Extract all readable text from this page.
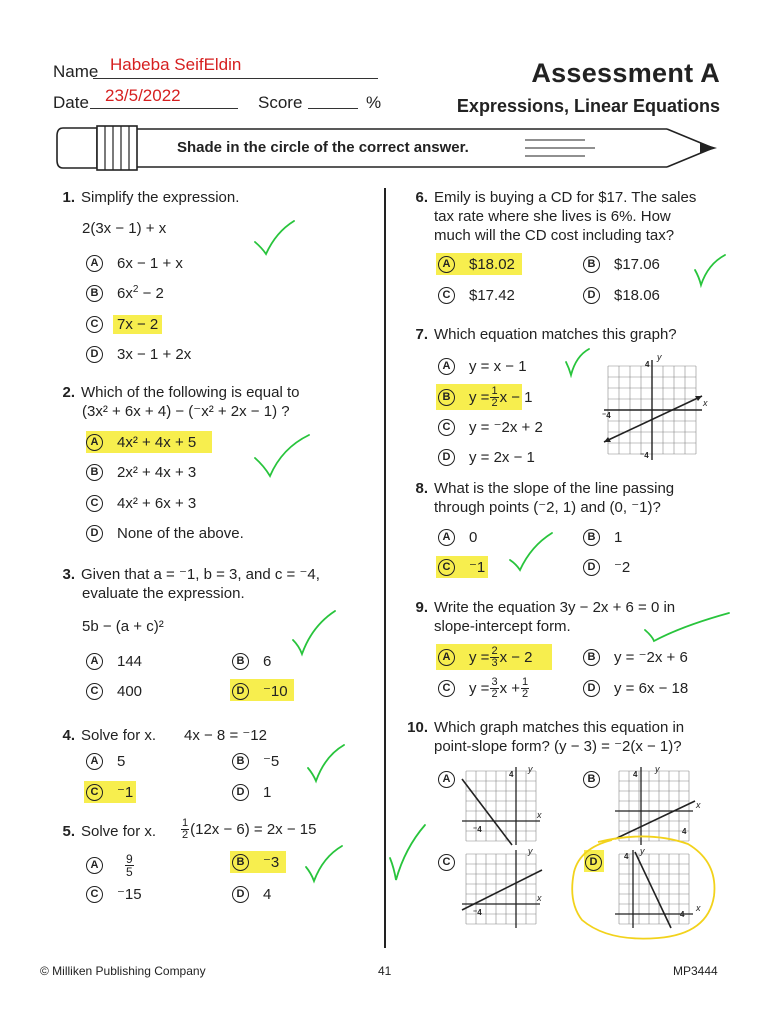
Name Habeba SeifEldin
Date 23/5/2022	Score	%
Assessment A
Expressions, Linear Equations
Shade in the circle of the correct answer.
1. Simplify the expression.
2(3x − 1) + x
A	6x − 1 + x
B	$6x^2 - 2$
C	7x − 2
D	3x − 1 + 2x
2. Which of the following is equal to
(3x² + 6x + 4) − (⁻x² + 2x − 1) ?
A	4x² + 4x + 5
B	2x² + 4x + 3
C	4x² + 6x + 3
D	None of the above.
3. Given that a = ⁻1, b = 3, and c = ⁻4,
evaluate the expression.
5b − (a + c)²
A	144	B	6
C	400	D	⁻10
4. Solve for x. 4x − 8 = ⁻12
A	5	B	⁻5
C	⁻1	D	1
5. Solve for x. $\frac{1}{2} (12x - 6) = 2x - 15$
A	$\frac{9}{5}$	B	⁻3
C	⁻15	D	4
6. Emily is buying a CD for $17. The sales
tax rate where she lives is 6%. How
much will the CD cost including tax?
A	$18.02	B	$17.06
C	$17.42	D	$18.06
7. Which equation matches this graph?
A	y = x − 1
B	$y = \frac{1}{2}$ x − 1
C	y = ⁻2x + 2
D	y = 2x − 1
y
x
4
⁻4
⁻4
8. What is the slope of the line passing
through points (⁻2, 1) and (0, ⁻1)?
A	0	B	1
C	⁻1	D	⁻2
9. Write the equation 3y − 2x + 6 = 0 in
slope-intercept form.
A	$y = \frac{2}{3}$ x − 2	B	y = ⁻2x + 6
C	$y = \frac{3}{2}$ $x + \frac{1}{2}$	D	y = 6x − 18
10. Which graph matches this equation in
point-slope form? (y − 3) = ⁻2(x − 1)?
A	B
C	D
y
x
4
⁻4
y
x
4
4
y
x
⁻4
y
x
4
4
© Milliken Publishing Company	41	MP3444
